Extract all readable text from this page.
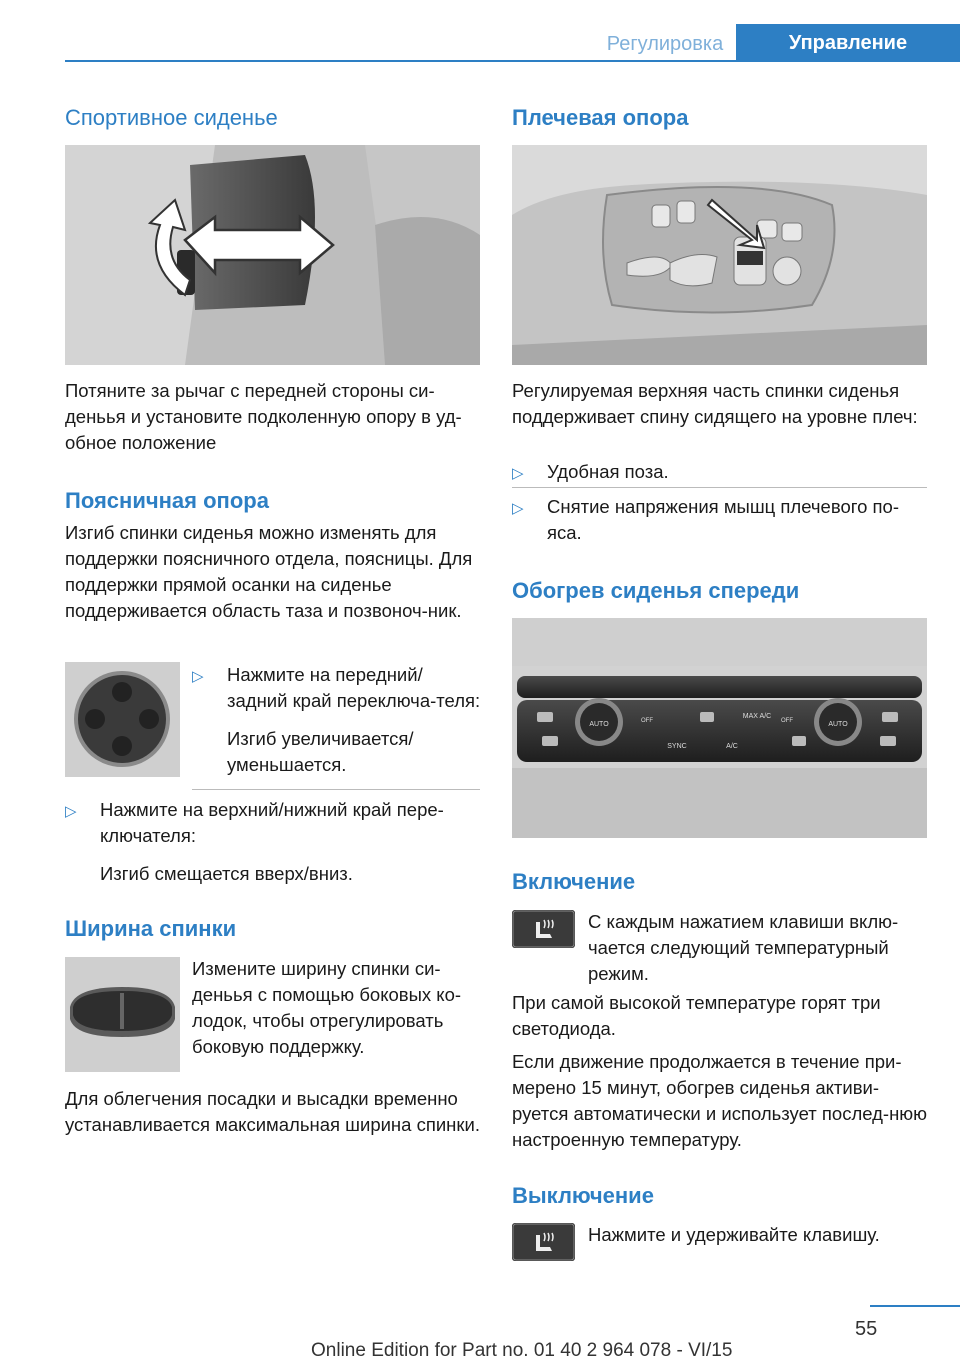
Регулировка	Управление
Спортивное сиденье

Потяните за рычаг с передней стороны си-деньья и установите подколенную опору в уд-обное положение

Поясничная опора

Изгиб спинки сиденья можно изменять для поддержки поясничного отдела, поясницы. Для поддержки прямой осанки на сиденье поддерживается область таза и позвоноч-ник.

▷ Нажмите на передний/задний край переключа-теля:
Изгиб увеличивается/уменьшается.
▷ Нажмите на верхний/нижний край пере-ключателя:
Изгиб смещается вверх/вниз.
Ширина спинки

Измените ширину спинки си-деньья с помощью боковых ко-лодок, чтобы отрегулировать боковую поддержку.

Для облегчения посадки и высадки временно устанавливается максимальная ширина спинки.

Плечевая опора

Регулируемая верхняя часть спинки сиденья поддерживает спину сидящего на уровне плеч:

▷ Удобная поза.
▷ Снятие напряжения мышц плечевого по-яса.
Обогрев сиденья спереди
AUTO	AUTO
MAX A/C
SYNC	A/C
OFF	OFF
Включение

С каждым нажатием клавиши вклю-чается следующий температурный режим.

При самой высокой температуре горят три светодиода.

Если движение продолжается в течение при-мерено 15 минут, обогрев сиденья активи-руется автоматически и использует послед-нюю настроенную температуру.

Выключение

Нажмите и удерживайте клавишу.

55
Online Edition for Part no. 01 40 2 964 078 - VI/15
